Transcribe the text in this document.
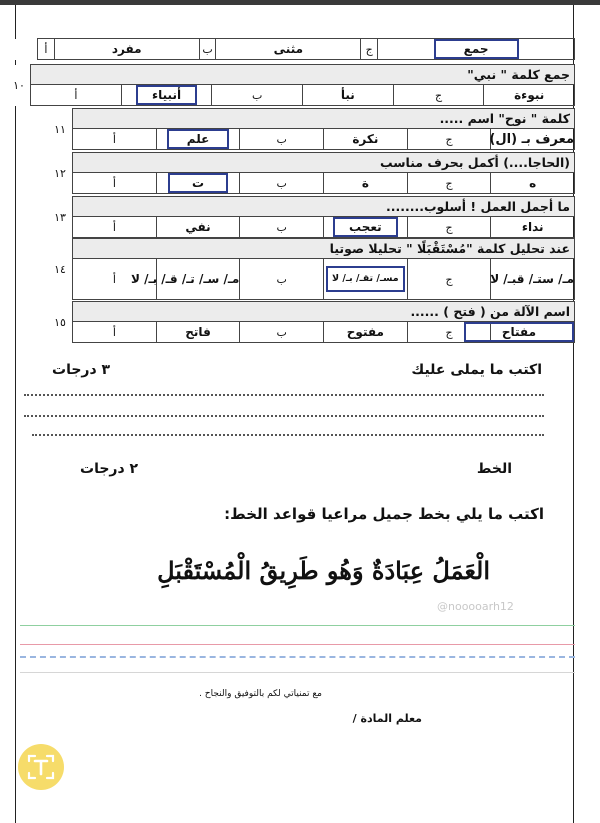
جمع	ج	مثنى	ب	مفرد	أ	
جمع كلمة " نبي"						١٠
نبوءة	ج	نبأ	ب	أنبياء	أ	
كلمة " نوح" اسم .....						١١
معرف بـ (ال)	ج	نكرة	ب	علم	أ	
(الحاجا....) أكمل بحرف مناسب						١٢
ه	ج	ة	ب	ت	أ	
ما أجمل العمل ! أسلوب........						١٣
نداء	ج	تعجب	ب	نفي	أ	
عند تحليل كلمة "مُسْتَقْبَلًا " تحليلا صوتيا						١٤
مـ/ ستـ/ قبـ/ لا	ج	مسـ/ تقـ/ بـ/ لا	ب	مـ/ سـ/ تـ/ قـ/ بـ/ لا	أ	
اسم الآلة من ( فتح ) ......						١٥
مفتاح	ج	مفتوح	ب	فاتح	أ	
اكتب ما يملى عليك
٣ درجات
الخط
٢ درجات
اكتب ما يلي بخط جميل مراعيا قواعد الخط:
الْعَمَلُ عِبَادَةٌ وَهُو طَرِيقُ الْمُسْتَقْبَلِ
@nooooarh12
مع تمنياتي لكم بالتوفيق والنجاح .
معلم المادة /
